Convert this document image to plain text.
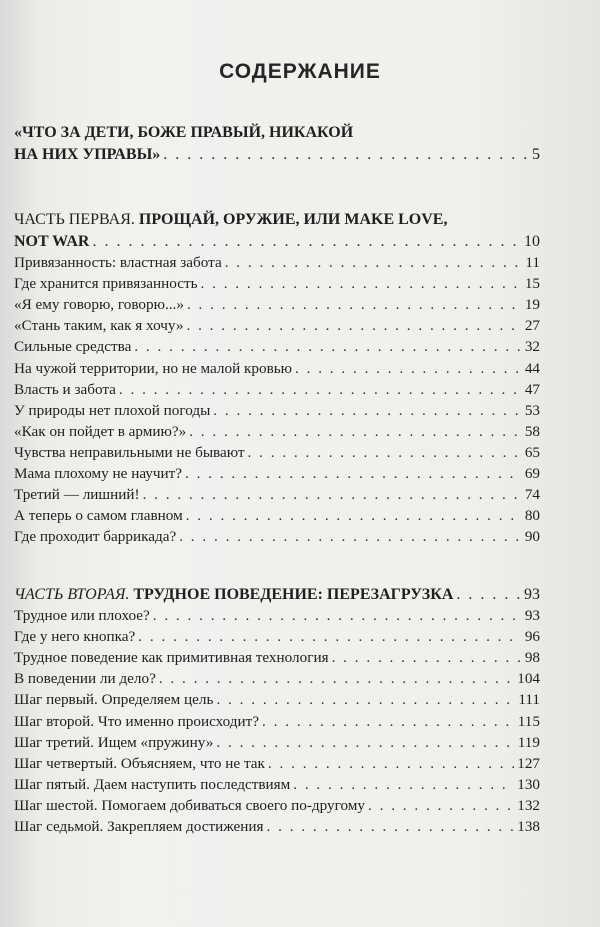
СОДЕРЖАНИЕ
«ЧТО ЗА ДЕТИ, БОЖЕ ПРАВЫЙ, НИКАКОЙ
НА НИХ УПРАВЫ» . . .	5
ЧАСТЬ ПЕРВАЯ. ПРОЩАЙ, ОРУЖИЕ, ИЛИ MAKE LOVE,
NOT WAR . . .	10
Привязанность: властная забота . . .	11
Где хранится привязанность . . .	15
«Я ему говорю, говорю...» . . .	19
«Стань таким, как я хочу» . . .	27
Сильные средства . . .	32
На чужой территории, но не малой кровью . . .	44
Власть и забота . . .	47
У природы нет плохой погоды . . .	53
«Как он пойдет в армию?» . . .	58
Чувства неправильными не бывают . . .	65
Мама плохому не научит? . . .	69
Третий — лишний! . . .	74
А теперь о самом главном . . .	80
Где проходит баррикада? . . .	90
ЧАСТЬ ВТОРАЯ. ТРУДНОЕ ПОВЕДЕНИЕ: ПЕРЕЗАГРУЗКА . . .	93
Трудное или плохое? . . .	93
Где у него кнопка? . . .	96
Трудное поведение как примитивная технология . . .	98
В поведении ли дело? . . .	104
Шаг первый. Определяем цель . . .	111
Шаг второй. Что именно происходит? . . .	115
Шаг третий. Ищем «пружину» . . .	119
Шаг четвертый. Объясняем, что не так . . .	127
Шаг пятый. Даем наступить последствиям . . .	130
Шаг шестой. Помогаем добиваться своего по-другому . . .	132
Шаг седьмой. Закрепляем достижения . . .	138
